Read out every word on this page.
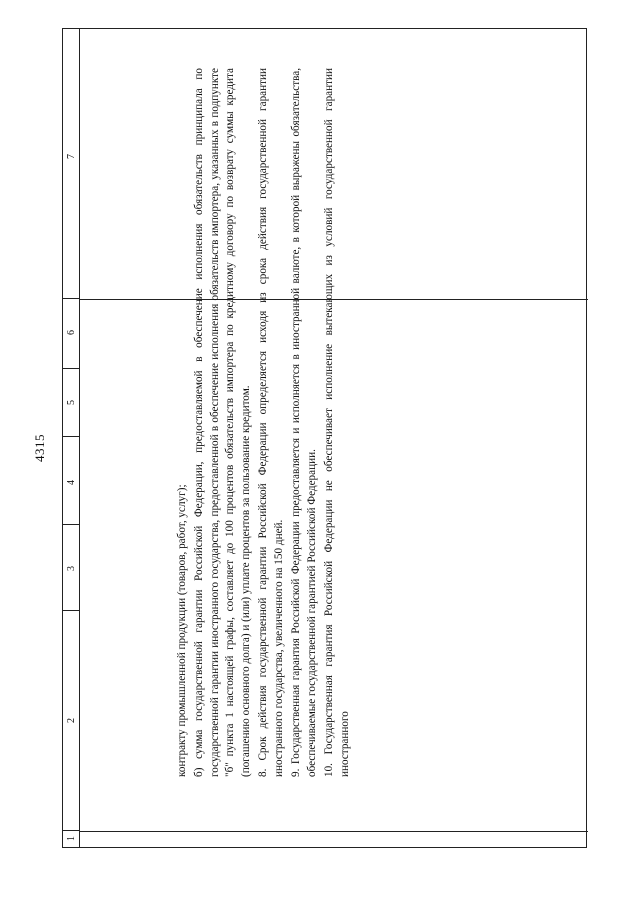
4315
7
6
5
4
3
2
1

контракту промышленной продукции (товаров, работ, услуг); б) сумма государственной гарантии Российской Федерации, предоставляемой в обеспечение исполнения обязательств принципала по государственной гарантии иностранного государства, предоставленной в обеспечение исполнения обязательств импортера, указанных в подпункте "б" пункта 1 настоящей графы, составляет до 100 процентов обязательств импортера по кредитному договору по возврату суммы кредита (погашению основного долга) и (или) уплате процентов за пользование кредитом. 8. Срок действия государственной гарантии Российской Федерации определяется исходя из срока действия государственной гарантии иностранного государства, увеличенного на 150 дней. 9. Государственная гарантия Российской Федерации предоставляется и исполняется в иностранной валюте, в которой выражены обязательства, обеспечиваемые государственной гарантией Российской Федерации. 10. Государственная гарантия Российской Федерации не обеспечивает исполнение вытекающих из условий государственной гарантии иностранного
